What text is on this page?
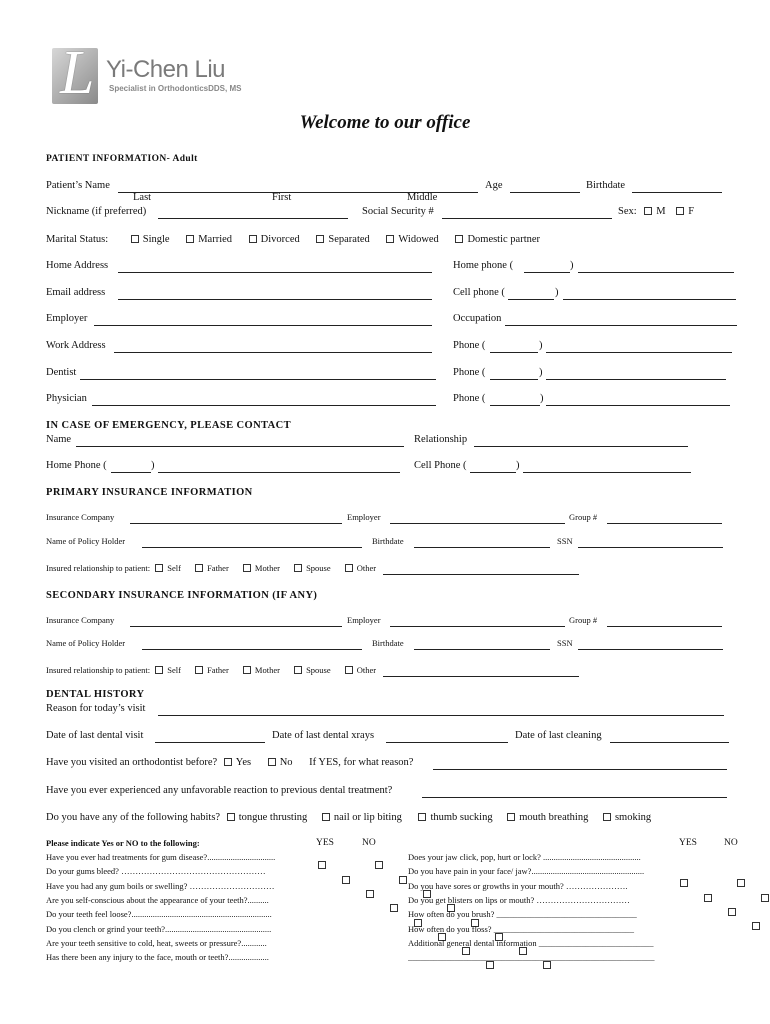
L Yi-Chen Liu
Specialist in OrthodonticsDDS, MS
Welcome to our office
PATIENT INFORMATION- Adult
Patient’s Name	Age	Birthdate
Last	First	Middle
Nickname (if preferred)	Social Security #	Sex: M F
Marital Status:	Single	Married	Divorced	Separated	Widowed	Domestic partner
Home Address	Home phone (	)
Email address	Cell phone (	)
Employer	Occupation
Work Address	Phone (	)
Dentist	Phone (	)
Physician	Phone (	)
IN CASE OF EMERGENCY, PLEASE CONTACT
Name	Relationship
Home Phone (	)	Cell Phone (	)
PRIMARY INSURANCE INFORMATION
Insurance Company	Employer	Group #
Name of Policy Holder	Birthdate	SSN
Insured relationship to patient: Self	Father	Mother	Spouse	Other
SECONDARY INSURANCE INFORMATION (IF ANY)
Insurance Company	Employer	Group #
Name of Policy Holder	Birthdate	SSN
Insured relationship to patient: Self	Father	Mother	Spouse	Other
DENTAL HISTORY
Reason for today’s visit
Date of last dental visit	Date of last dental xrays	Date of last cleaning
Have you visited an orthodontist before? Yes	No If YES, for what reason?
Have you ever experienced any unfavorable reaction to previous dental treatment?
Do you have any of the following habits? tongue thrusting	nail or lip biting	thumb sucking	mouth breathing	smoking
Please indicate Yes or NO to the following:	YES	NO	YES	NO
Have you ever had treatments for gum disease?................................
Do your gums bleed? ……………………………………………
Have you had any gum boils or swelling? …………………………
Are you self-conscious about the appearance of your teeth?..........
Do your teeth feel loose?..................................................................
Do you clench or grind your teeth?..................................................
Are your teeth sensitive to cold, heat, sweets or pressure?............
Has there been any injury to the face, mouth or teeth?...................
Does your jaw click, pop, hurt or lock? ..............................................
Do you have pain in your face/ jaw?.....................................................
Do you have sores or growths in your mouth? ………………….
Do you get blisters on lips or mouth? ……………………………
How often do you brush? _________________________________
How often do you floss? _________________________________
Additional general dental information ___________________________
__________________________________________________________
